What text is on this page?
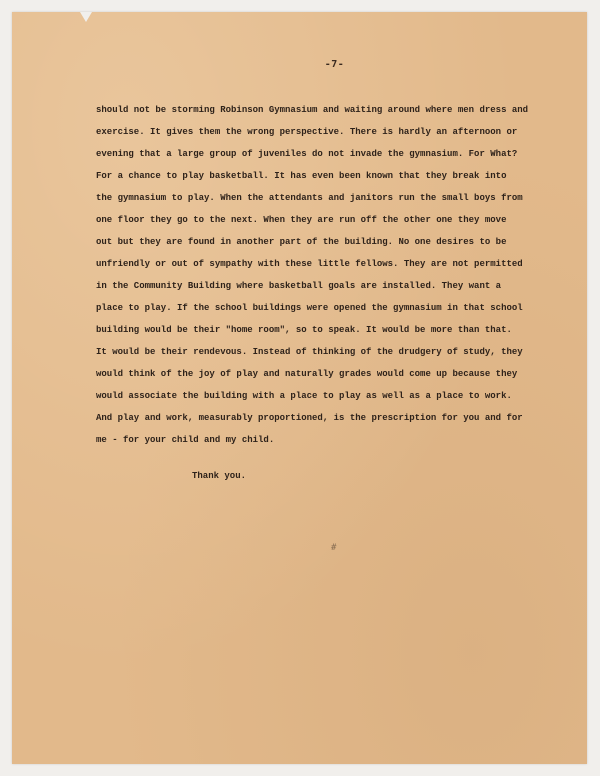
-7-
should not be storming Robinson Gymnasium and waiting around where men dress and
exercise. It gives them the wrong perspective. There is hardly an afternoon or
evening that a large group of juveniles do not invade the gymnasium. For What?
For a chance to play basketball. It has even been known that they break into
the gymnasium to play. When the attendants and janitors run the small boys from
one floor they go to the next. When they are run off the other one they move
out but they are found in another part of the building. No one desires to be
unfriendly or out of sympathy with these little fellows. They are not permitted
in the Community Building where basketball goals are installed. They want a
place to play. If the school buildings were opened the gymnasium in that school
building would be their "home room", so to speak. It would be more than that.
It would be their rendevous. Instead of thinking of the drudgery of study, they
would think of the joy of play and naturally grades would come up because they
would associate the building with a place to play as well as a place to work.
And play and work, measurably proportioned, is the prescription for you and for
me - for your child and my child.
Thank you.
#
